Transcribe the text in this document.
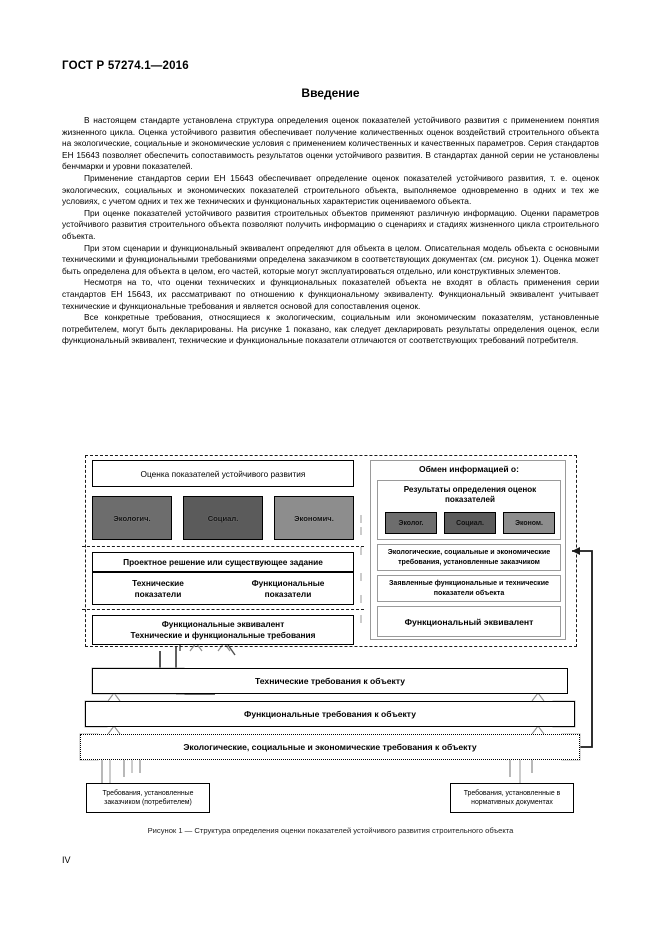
ГОСТ Р 57274.1—2016
Введение

В настоящем стандарте установлена структура определения оценок показателей устойчивого развития с применением понятия жизненного цикла. Оценка устойчивого развития обеспечивает получение количественных оценок воздействий строительного объекта на экологические, социальные и экономические условия с применением количественных и качественных параметров. Серия стандартов ЕН 15643 позволяет обеспечить сопоставимость результатов оценки устойчивого развития. В стандартах данной серии не установлены бенчмарки и уровни показателей.

Применение стандартов серии ЕН 15643 обеспечивает определение оценок показателей устойчивого развития, т. е. оценок экологических, социальных и экономических показателей строительного объекта, выполняемое одновременно в одних и тех же условиях, с учетом одних и тех же технических и функциональных характеристик оцениваемого объекта.

При оценке показателей устойчивого развития строительных объектов применяют различную информацию. Оценки параметров устойчивого развития строительного объекта позволяют получить информацию о сценариях и стадиях жизненного цикла строительного объекта.

При этом сценарии и функциональный эквивалент определяют для объекта в целом. Описательная модель объекта с основными техническими и функциональными требованиями определена заказчиком в соответствующих документах (см. рисунок 1). Оценка может быть определена для объекта в целом, его частей, которые могут эксплуатироваться отдельно, или конструктивных элементов.

Несмотря на то, что оценки технических и функциональных показателей объекта не входят в область применения серии стандартов ЕН 15643, их рассматривают по отношению к функциональному эквиваленту. Функциональный эквивалент учитывает технические и функциональные требования и является основой для сопоставления оценок.

Все конкретные требования, относящиеся к экологическим, социальным или экономическим показателям, установленные потребителем, могут быть декларированы. На рисунке 1 показано, как следует декларировать результаты определения оценок, если функциональный эквивалент, технические и функциональные показатели отличаются от соответствующих требований потребителя.

Оценка показателей устойчивого развития
Экологич.	Социал.	Экономич.
Проектное решение или существующее задание
Технические
показатели
Функциональные
показатели
Функциональные эквивалент
Технические и функциональные требования
Обмен информацией о:
Результаты определения оценок
показателей
Эколог.	Социал.	Эконом.
Экологические, социальные и экономические требования, установленные заказчиком
Заявленные функциональные и технические показатели объекта
Функциональный эквивалент
Технические требования к объекту
Функциональные требования к объекту
Экологические, социальные и экономические требования к объекту
Требования, установленные заказчиком (потребителем)
Требования, установленные в нормативных документах
Рисунок 1 — Структура определения оценки показателей устойчивого развития строительного объекта
IV
